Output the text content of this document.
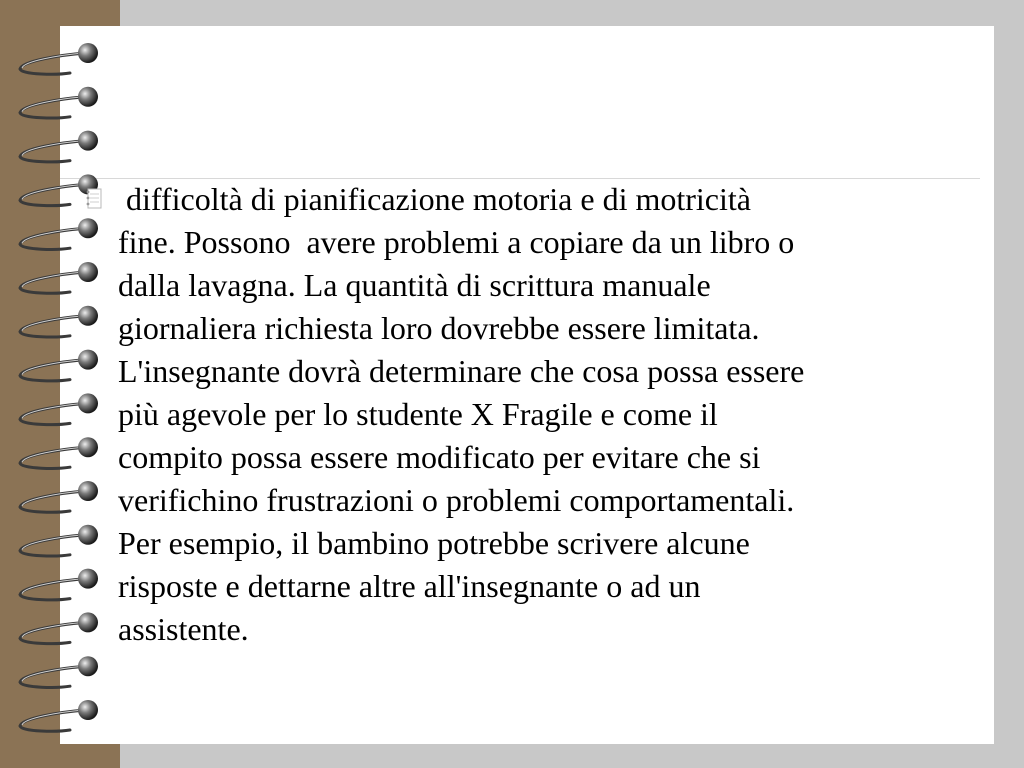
difficoltà di pianificazione motoria e di motricità
fine. Possono  avere problemi a copiare da un libro o
dalla lavagna. La quantità di scrittura manuale
giornaliera richiesta loro dovrebbe essere limitata.
L'insegnante dovrà determinare che cosa possa essere
più agevole per lo studente X Fragile e come il
compito possa essere modificato per evitare che si
verifichino frustrazioni o problemi comportamentali.
Per esempio, il bambino potrebbe scrivere alcune
risposte e dettarne altre all'insegnante o ad un
assistente.
